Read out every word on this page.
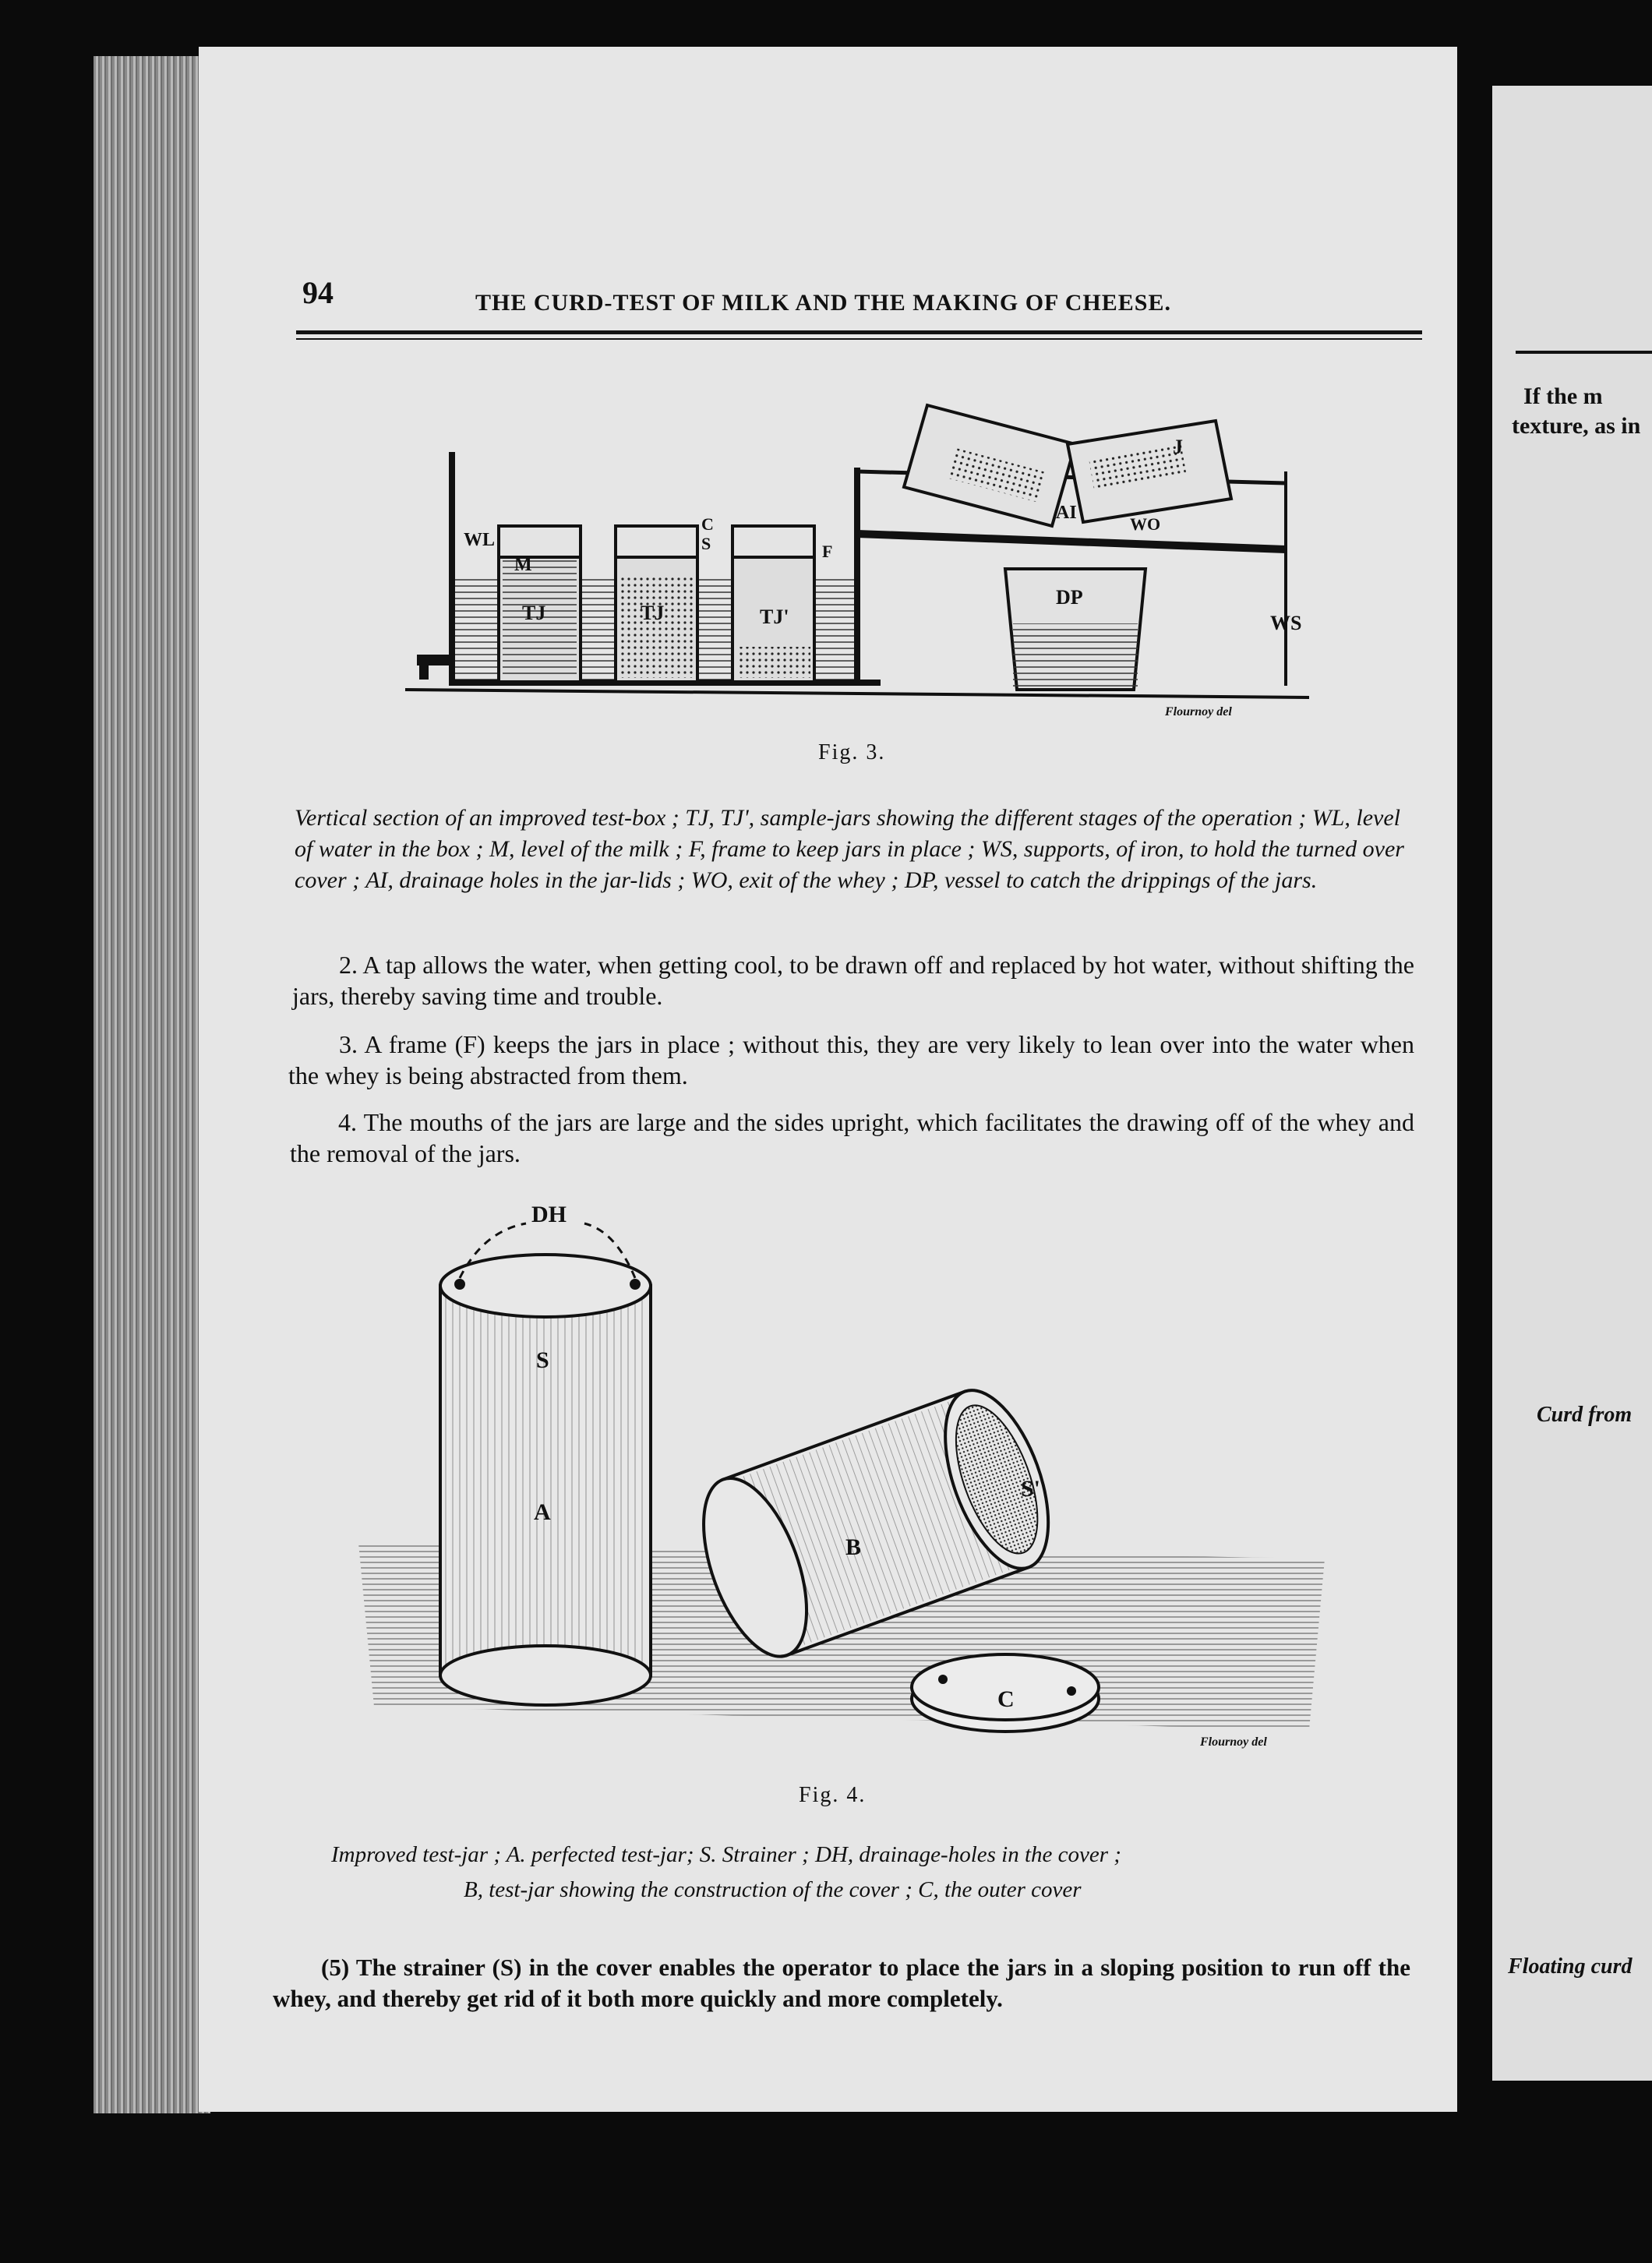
94	THE CURD-TEST OF MILK AND THE MAKING OF CHEESE.
WL
M
TJ	TJ	TJ'
C
S	F
J
AI
WO
DP
WS
Flournoy del
Fig. 3.
Vertical section of an improved test-box ; TJ, TJ', sample-jars showing the different stages of the operation ; WL, level of water in the box ; M, level of the milk ; F, frame to keep jars in place ; WS, supports, of iron, to hold the turned over cover ; AI, drainage holes in the jar-lids ; WO, exit of the whey ; DP, vessel to catch the drippings of the jars.
2. A tap allows the water, when getting cool, to be drawn off and replaced by hot water, without shifting the jars, thereby saving time and trouble.
3. A frame (F) keeps the jars in place ; without this, they are very likely to lean over into the water when the whey is being abstracted from them.
4. The mouths of the jars are large and the sides upright, which facilitates the drawing off of the whey and the removal of the jars.
DH
S
A
B
S'
C
Flournoy del
Fig. 4.
Improved test-jar ; A. perfected test-jar; S. Strainer ; DH, drainage-holes in the cover ;
B, test-jar showing the construction of the cover ; C, the outer cover
(5) The strainer (S) in the cover enables the operator to place the jars in a sloping position to run off the whey, and thereby get rid of it both more quickly and more completely.
If the m
texture, as in
Curd from
Floating curd
